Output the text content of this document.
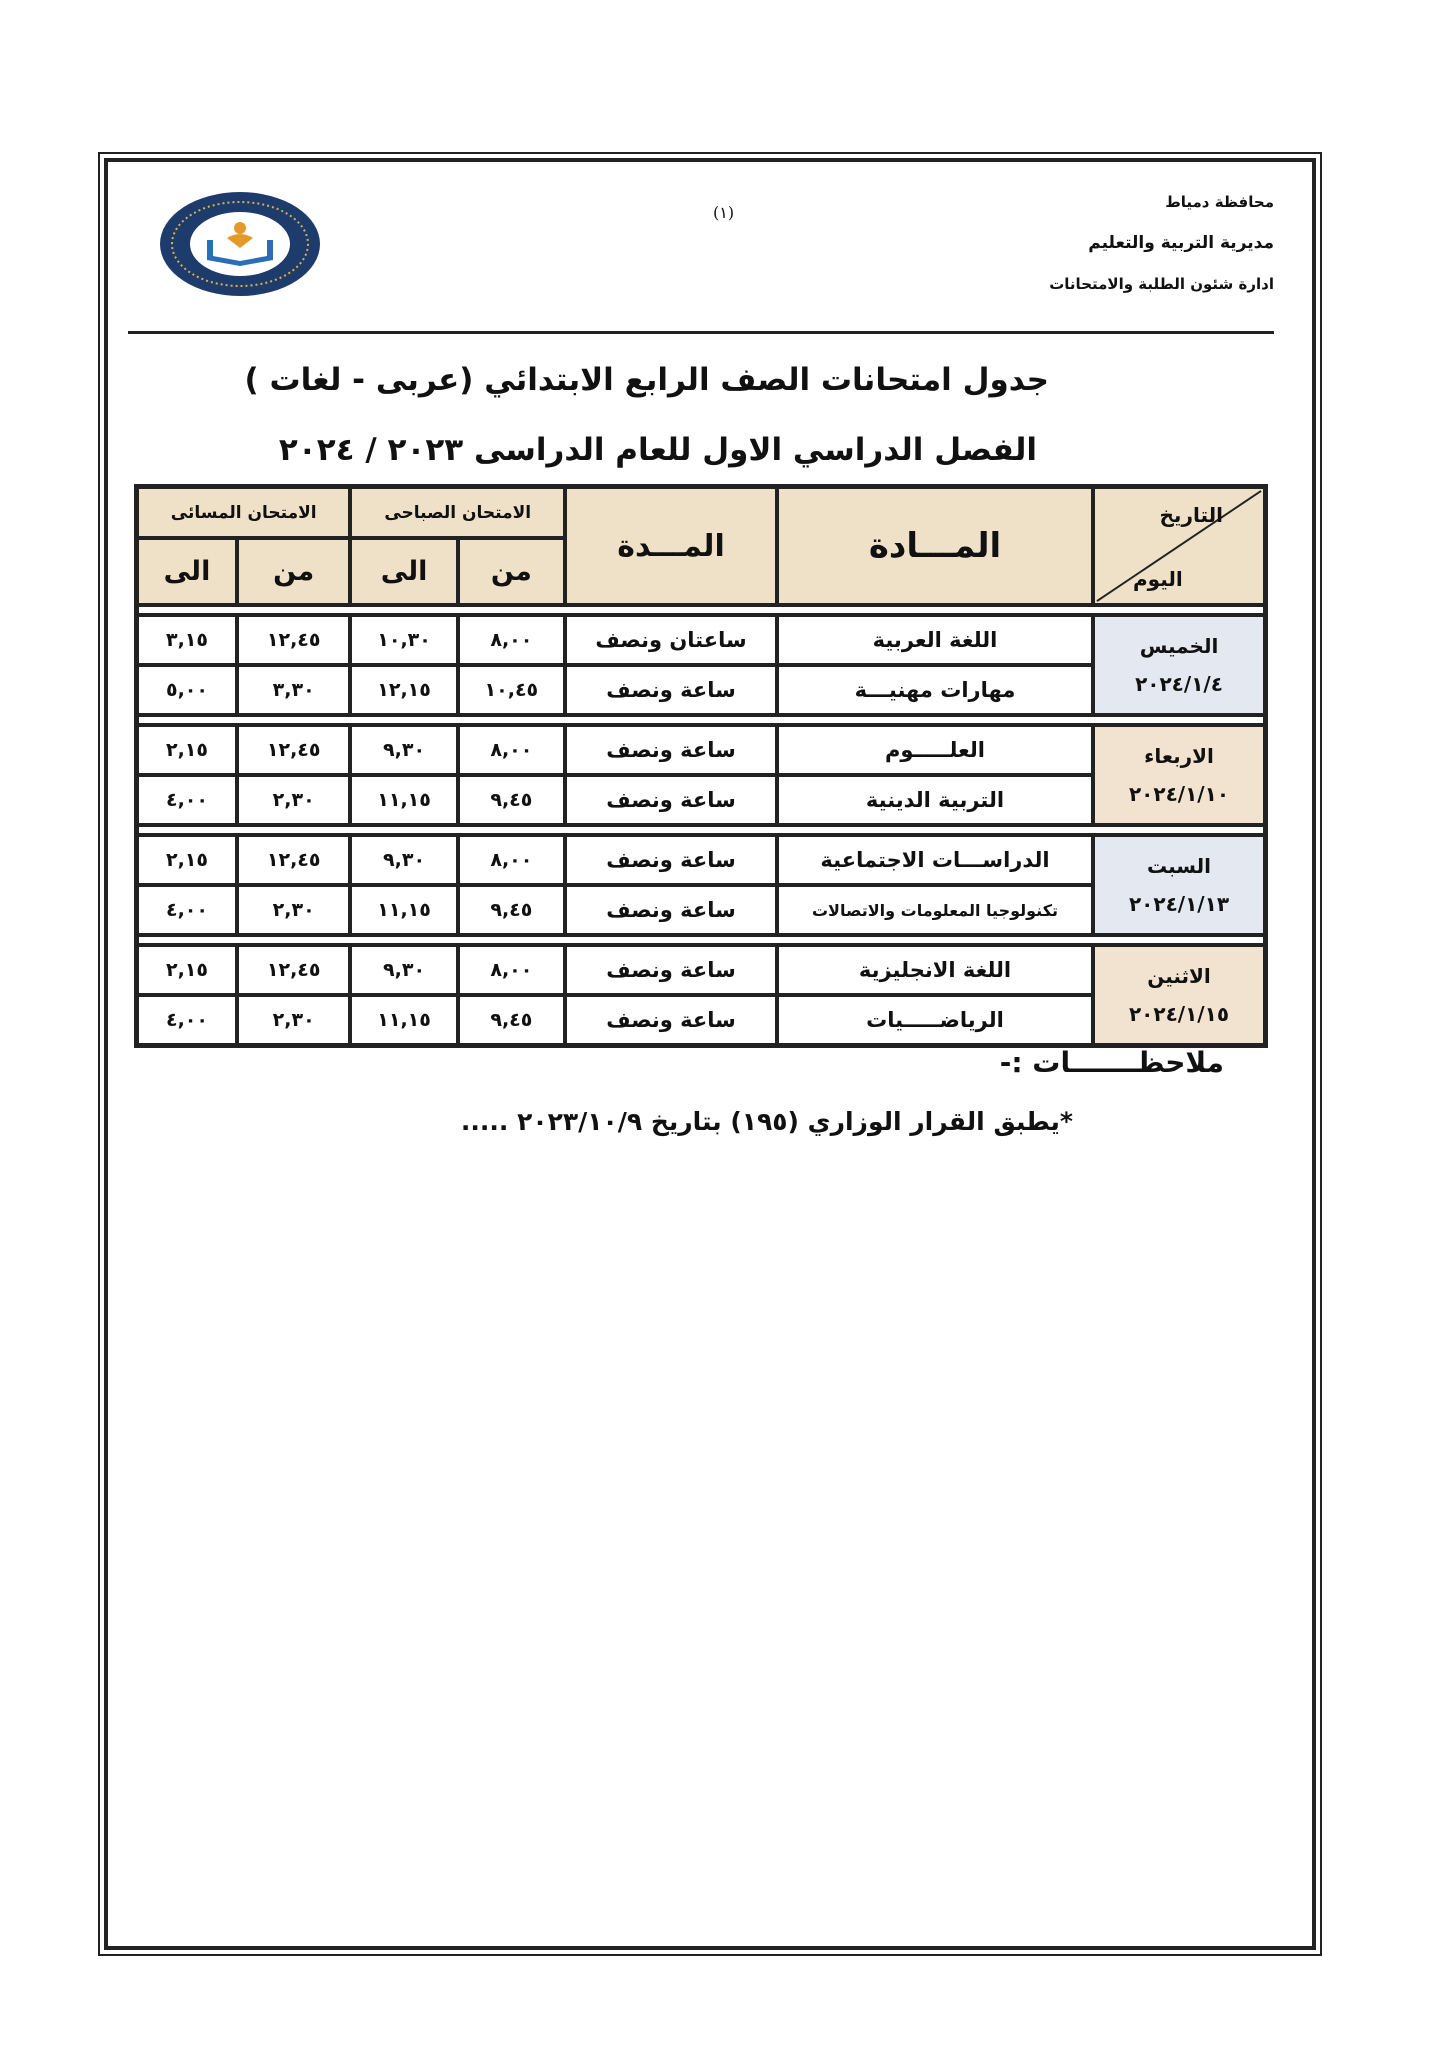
محافظة دمياط
مديرية التربية والتعليم
ادارة شئون الطلبة والامتحانات
(١)
جدول امتحانات الصف الرابع الابتدائي (عربى - لغات )
الفصل الدراسي الاول للعام الدراسى ٢٠٢٣ / ٢٠٢٤
التاريخ
اليوم	المـــادة	المـــدة	الامتحان الصباحى		الامتحان المسائى	
			من	الى	من	الى

الخميس
٢٠٢٤/١/٤	اللغة العربية	ساعتان ونصف	٨,٠٠	١٠,٣٠	١٢,٤٥	٣,١٥
	مهارات مهنيـــة	ساعة ونصف	١٠,٤٥	١٢,١٥	٣,٣٠	٥,٠٠

الاربعاء
٢٠٢٤/١/١٠	العلـــــوم	ساعة ونصف	٨,٠٠	٩,٣٠	١٢,٤٥	٢,١٥
	التربية الدينية	ساعة ونصف	٩,٤٥	١١,١٥	٢,٣٠	٤,٠٠

السبت
٢٠٢٤/١/١٣	الدراســـات الاجتماعية	ساعة ونصف	٨,٠٠	٩,٣٠	١٢,٤٥	٢,١٥
	تكنولوجيا المعلومات والاتصالات	ساعة ونصف	٩,٤٥	١١,١٥	٢,٣٠	٤,٠٠

الاثنين
٢٠٢٤/١/١٥	اللغة الانجليزية	ساعة ونصف	٨,٠٠	٩,٣٠	١٢,٤٥	٢,١٥
	الرياضـــــيات	ساعة ونصف	٩,٤٥	١١,١٥	٢,٣٠	٤,٠٠
ملاحظـــــــات :-
*يطبق القرار الوزاري (١٩٥) بتاريخ ٢٠٢٣/١٠/٩ .....
